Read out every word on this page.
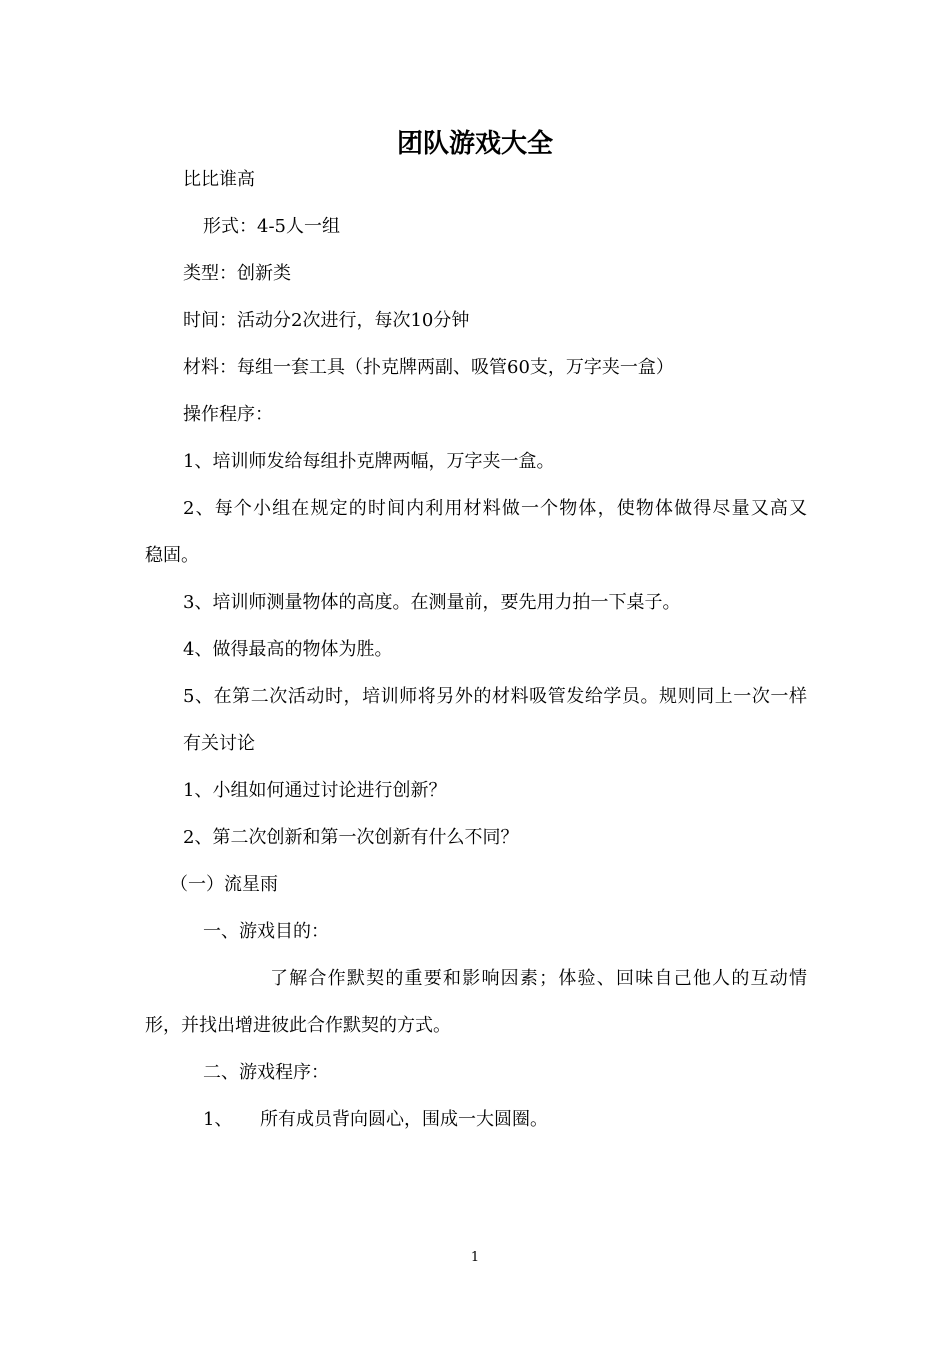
团队游戏大全
比比谁高
形式：4-5人一组
类型：创新类
时间：活动分2次进行，每次10分钟
材料：每组一套工具（扑克牌两副、吸管60支，万字夹一盒）
操作程序：
1、培训师发给每组扑克牌两幅，万字夹一盒。
2、每个小组在规定的时间内利用材料做一个物体，使物体做得尽量又高又
稳固。
3、培训师测量物体的高度。在测量前，要先用力拍一下桌子。
4、做得最高的物体为胜。
5、在第二次活动时，培训师将另外的材料吸管发给学员。规则同上一次一样
有关讨论
1、小组如何通过讨论进行创新？
2、第二次创新和第一次创新有什么不同？
（一）流星雨
一、游戏目的：
了解合作默契的重要和影响因素；体验、回味自己他人的互动情
形，并找出增进彼此合作默契的方式。
二、游戏程序：
1、 所有成员背向圆心，围成一大圆圈。
1
